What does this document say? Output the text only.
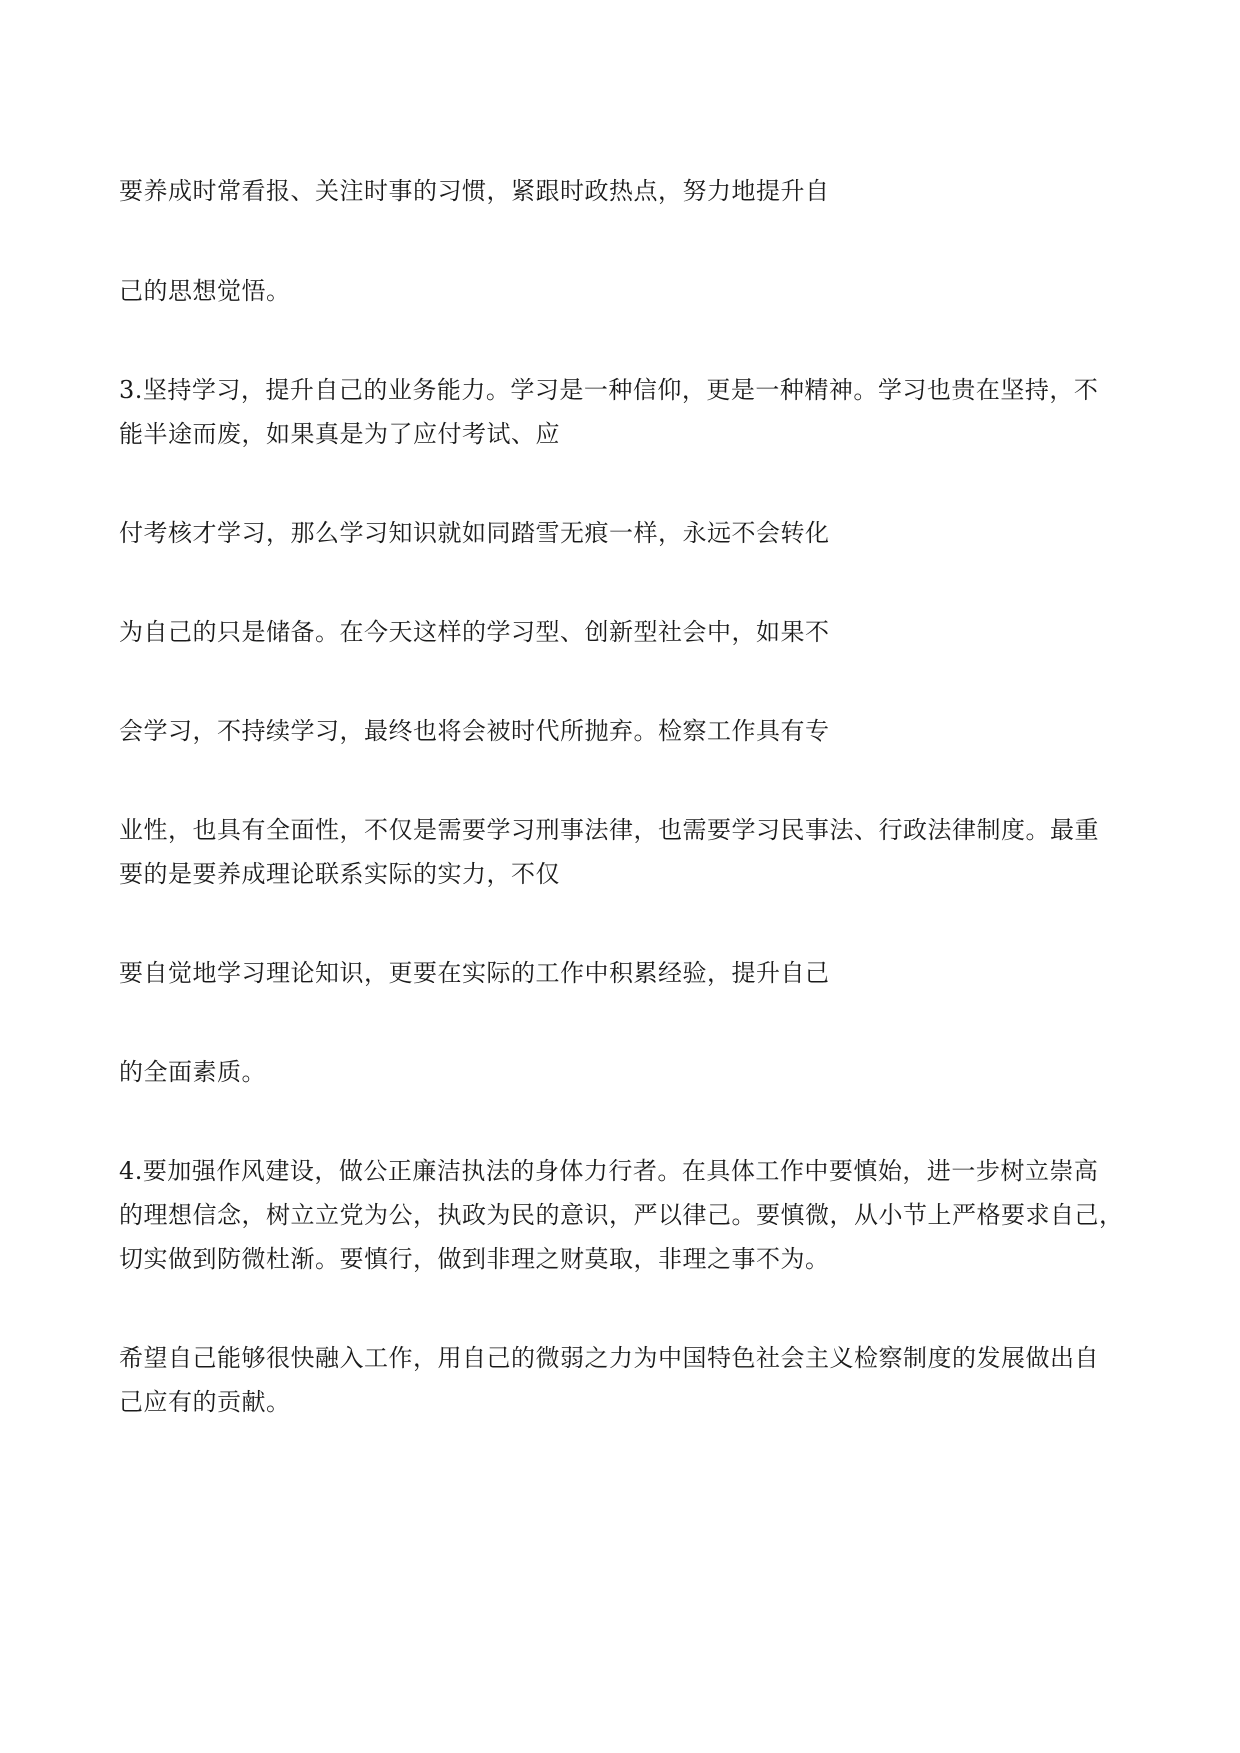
要养成时常看报、关注时事的习惯，紧跟时政热点，努力地提升自
己的思想觉悟。
3.坚持学习，提升自己的业务能力。学习是一种信仰，更是一种精神。学习也贵在坚持，不
能半途而废，如果真是为了应付考试、应
付考核才学习，那么学习知识就如同踏雪无痕一样，永远不会转化
为自己的只是储备。在今天这样的学习型、创新型社会中，如果不
会学习，不持续学习，最终也将会被时代所抛弃。检察工作具有专
业性，也具有全面性，不仅是需要学习刑事法律，也需要学习民事法、行政法律制度。最重
要的是要养成理论联系实际的实力，不仅
要自觉地学习理论知识，更要在实际的工作中积累经验，提升自己
的全面素质。
4.要加强作风建设，做公正廉洁执法的身体力行者。在具体工作中要慎始，进一步树立崇高
的理想信念，树立立党为公，执政为民的意识，严以律己。要慎微，从小节上严格要求自己，
切实做到防微杜渐。要慎行，做到非理之财莫取，非理之事不为。
希望自己能够很快融入工作，用自己的微弱之力为中国特色社会主义检察制度的发展做出自
己应有的贡献。
